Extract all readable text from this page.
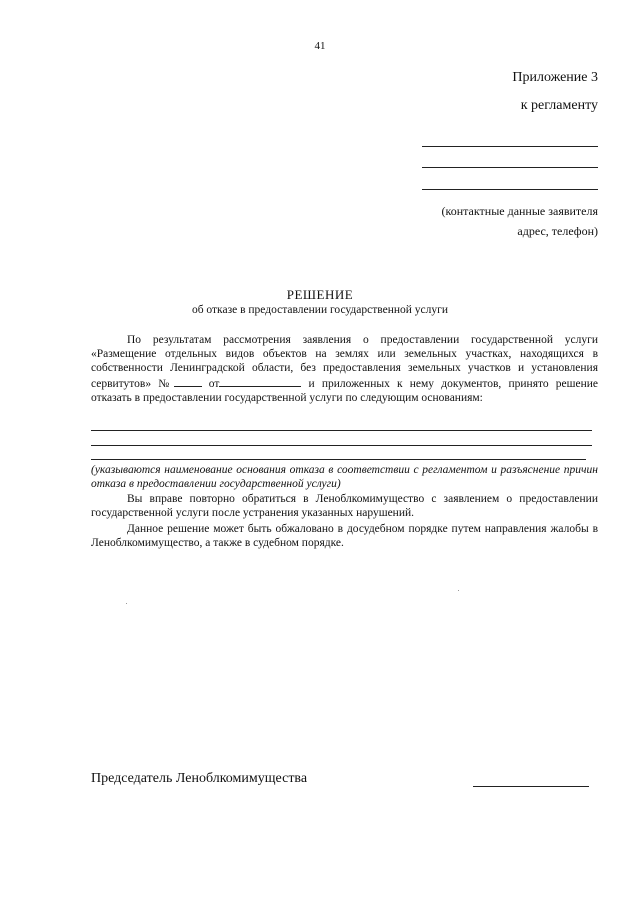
41
Приложение 3
к регламенту
(контактные данные заявителя
адрес, телефон)
РЕШЕНИЕ
об отказе в предоставлении государственной услуги
По результатам рассмотрения заявления о предоставлении государственной услуги «Размещение отдельных видов объектов на землях или земельных участках, находящихся в собственности Ленинградской области, без предоставления земельных участков и установления сервитутов» № от	и приложенных к нему документов, принято решение отказать в предоставлении государственной услуги по следующим основаниям:
(указываются наименование основания отказа в соответствии с регламентом и разъяснение причин отказа в предоставлении государственной услуги)
Вы вправе повторно обратиться в Леноблкомимущество с заявлением о предоставлении государственной услуги после устранения указанных нарушений.
Данное решение может быть обжаловано в досудебном порядке путем направления жалобы в Леноблкомимущество, а также в судебном порядке.
Председатель Леноблкомимущества
